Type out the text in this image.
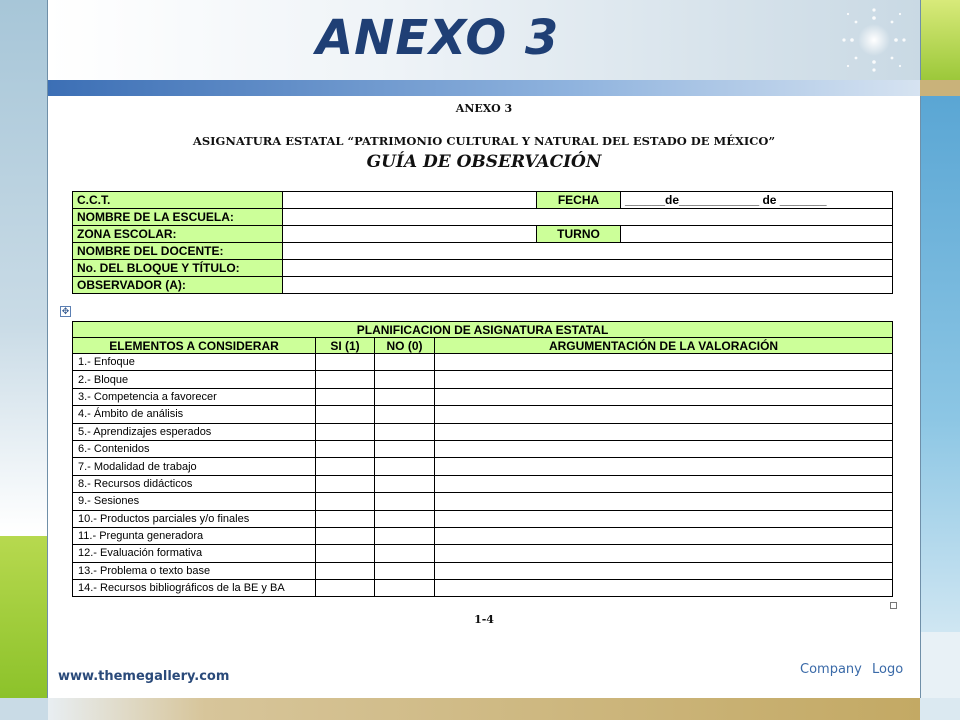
ANEXO 3
ANEXO 3
ASIGNATURA ESTATAL “PATRIMONIO CULTURAL Y NATURAL DEL ESTADO DE MÉXICO”
GUÍA DE OBSERVACIÓN
C.C.T.		FECHA	______de____________ de _______
NOMBRE DE LA ESCUELA:			
ZONA ESCOLAR:		TURNO	
NOMBRE DEL DOCENTE:			
No. DEL BLOQUE Y TÍTULO:			
OBSERVADOR (A):			
✥
PLANIFICACION DE ASIGNATURA ESTATAL			
ELEMENTOS A CONSIDERAR	SI (1)	NO (0)	ARGUMENTACIÓN DE LA VALORACIÓN
1.- Enfoque			
2.- Bloque			
3.- Competencia a favorecer			
4.- Ámbito de análisis			
5.- Aprendizajes esperados			
6.- Contenidos			
7.- Modalidad de trabajo			
8.- Recursos didácticos			
9.- Sesiones			
10.- Productos parciales y/o finales			
11.- Pregunta generadora			
12.- Evaluación formativa			
13.- Problema o texto base			
14.- Recursos bibliográficos de la BE y BA			
1-4
www.themegallery.com	Company Logo
